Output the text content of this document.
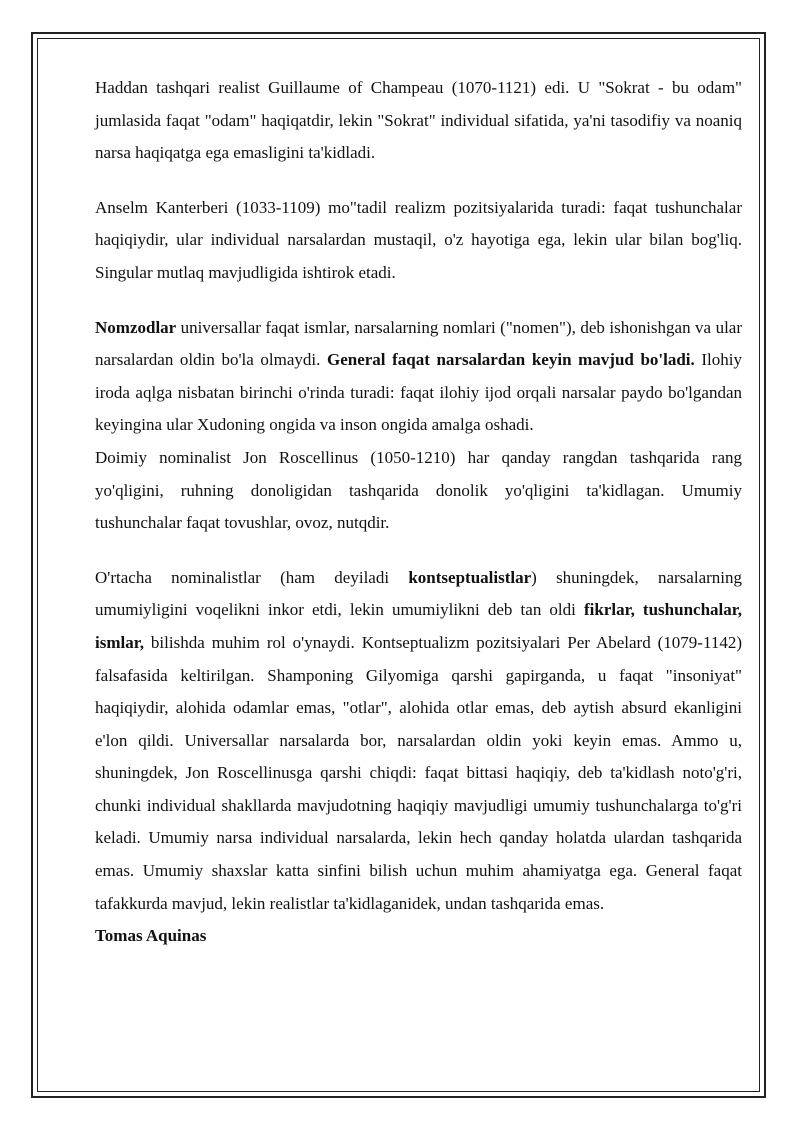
Haddan tashqari realist Guillaume of Champeau (1070-1121) edi. U "Sokrat - bu odam" jumlasida faqat "odam" haqiqatdir, lekin "Sokrat" individual sifatida, ya'ni tasodifiy va noaniq narsa haqiqatga ega emasligini ta'kidladi.

Anselm Kanterberi (1033-1109) mo"tadil realizm pozitsiyalarida turadi: faqat tushunchalar haqiqiydir, ular individual narsalardan mustaqil, o'z hayotiga ega, lekin ular bilan bog'liq. Singular mutlaq mavjudligida ishtirok etadi.

Nomzodlar universallar faqat ismlar, narsalarning nomlari ("nomen"), deb ishonishgan va ular narsalardan oldin bo'la olmaydi. General faqat narsalardan keyin mavjud bo'ladi. Ilohiy iroda aqlga nisbatan birinchi o'rinda turadi: faqat ilohiy ijod orqali narsalar paydo bo'lgandan keyingina ular Xudoning ongida va inson ongida amalga oshadi.

Doimiy nominalist Jon Roscellinus (1050-1210) har qanday rangdan tashqarida rang yo'qligini, ruhning donoligidan tashqarida donolik yo'qligini ta'kidlagan. Umumiy tushunchalar faqat tovushlar, ovoz, nutqdir.

O'rtacha nominalistlar (ham deyiladi kontseptualistlar) shuningdek, narsalarning umumiyligini voqelikni inkor etdi, lekin umumiylikni deb tan oldi fikrlar, tushunchalar, ismlar, bilishda muhim rol o'ynaydi. Kontseptualizm pozitsiyalari Per Abelard (1079-1142) falsafasida keltirilgan. Shamponing Gilyomiga qarshi gapirganda, u faqat "insoniyat" haqiqiydir, alohida odamlar emas, "otlar", alohida otlar emas, deb aytish absurd ekanligini e'lon qildi. Universallar narsalarda bor, narsalardan oldin yoki keyin emas. Ammo u, shuningdek, Jon Roscellinusga qarshi chiqdi: faqat bittasi haqiqiy, deb ta'kidlash noto'g'ri, chunki individual shakllarda mavjudotning haqiqiy mavjudligi umumiy tushunchalarga to'g'ri keladi. Umumiy narsa individual narsalarda, lekin hech qanday holatda ulardan tashqarida emas. Umumiy shaxslar katta sinfini bilish uchun muhim ahamiyatga ega. General faqat tafakkurda mavjud, lekin realistlar ta'kidlaganidek, undan tashqarida emas.

Tomas Aquinas
